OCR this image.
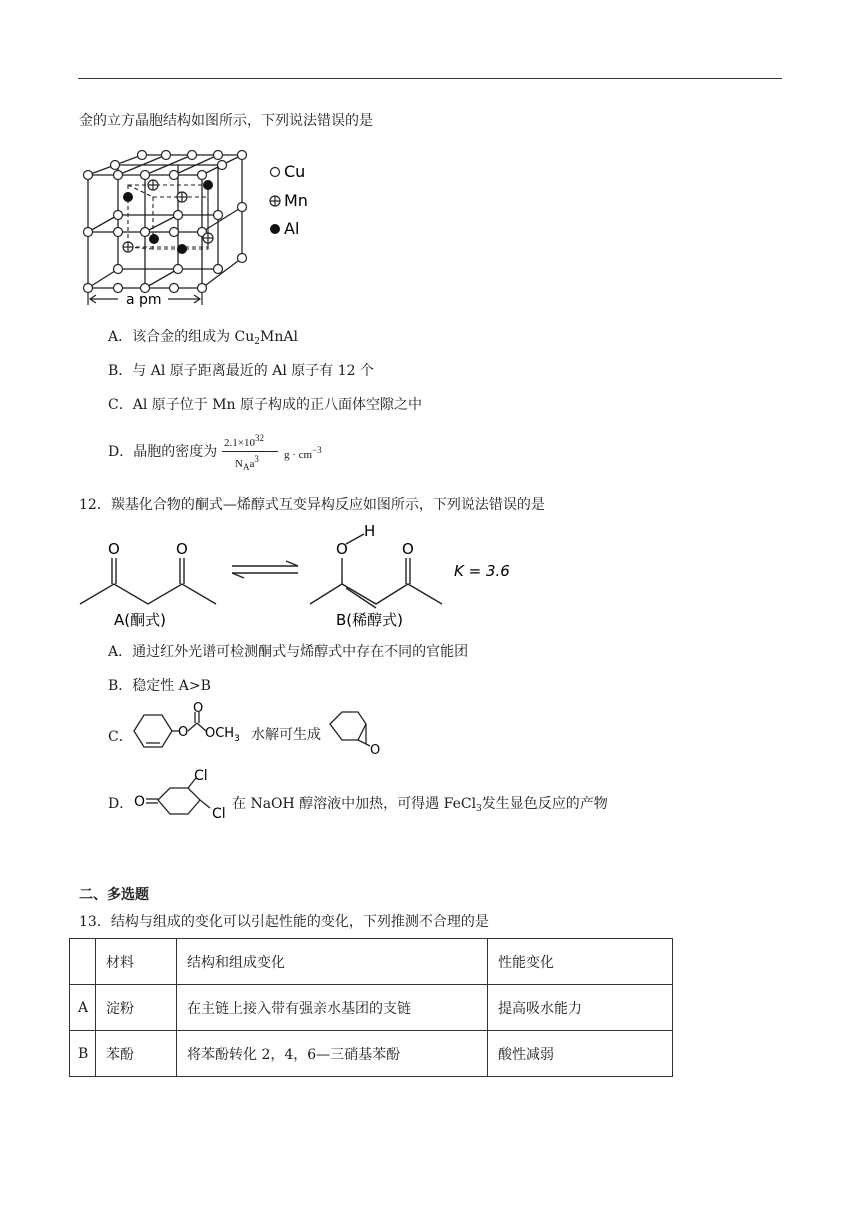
金的立方晶胞结构如图所示，下列说法错误的是
a pm
Cu
Mn
Al
A．该合金的组成为 $Cu_2MnAl$
B．与 Al 原子距离最近的 Al 原子有 12 个
C．Al 原子位于 Mn 原子构成的正八面体空隙之中
D．晶胞的密度为
$2.1\times 10^{32}$
$N_Aa^3$ $g \cdot cm^{-3}$
12．羰基化合物的酮式—烯醇式互变异构反应如图所示，下列说法错误的是
O	O
A(酮式)
O
H
O
B(稀醇式)
K = 3.6
A．通过红外光谱可检测酮式与烯醇式中存在不同的官能团
B．稳定性 A>B
C．	O
O
$OCH_3$ 水解可生成
O
D． O
Cl
Cl
在 NaOH 醇溶液中加热，可得遇 FeCl$_3$发生显色反应的产物
二、多选题
13．结构与组成的变化可以引起性能的变化，下列推测不合理的是
	材料	结构和组成变化	性能变化
A	淀粉	在主链上接入带有强亲水基团的支链	提高吸水能力
B	苯酚	将苯酚转化 2，4，6—三硝基苯酚	酸性减弱
